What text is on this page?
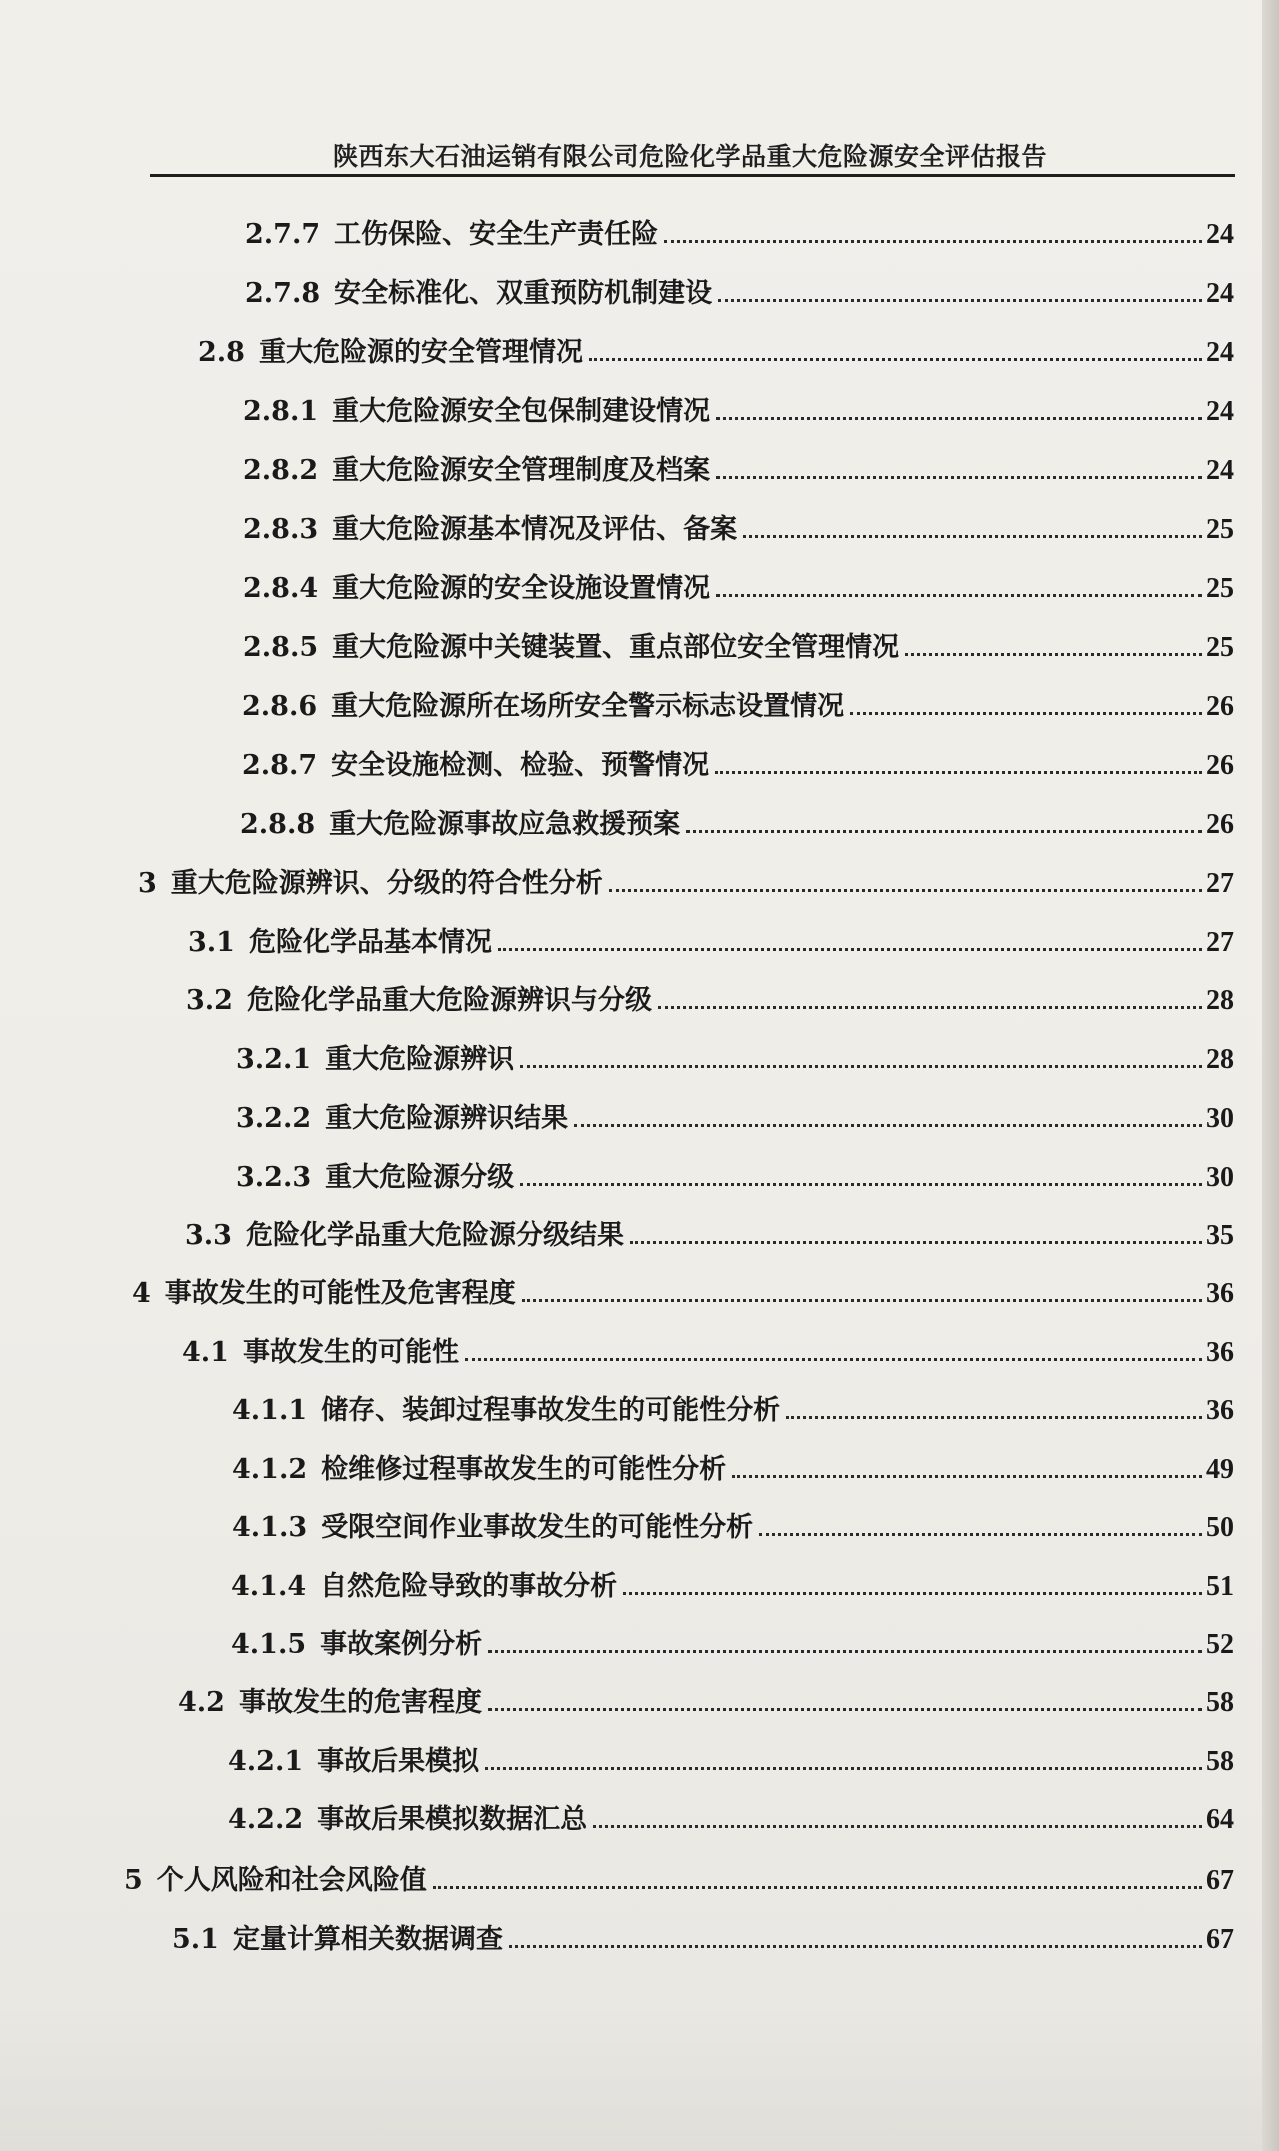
陕西东大石油运销有限公司危险化学品重大危险源安全评估报告
2.7.7 工伤保险、安全生产责任险	24
2.7.8 安全标准化、双重预防机制建设	24
2.8 重大危险源的安全管理情况	24
2.8.1 重大危险源安全包保制建设情况	24
2.8.2 重大危险源安全管理制度及档案	24
2.8.3 重大危险源基本情况及评估、备案	25
2.8.4 重大危险源的安全设施设置情况	25
2.8.5 重大危险源中关键装置、重点部位安全管理情况	25
2.8.6 重大危险源所在场所安全警示标志设置情况	26
2.8.7 安全设施检测、检验、预警情况	26
2.8.8 重大危险源事故应急救援预案	26
3 重大危险源辨识、分级的符合性分析	27
3.1 危险化学品基本情况	27
3.2 危险化学品重大危险源辨识与分级	28
3.2.1 重大危险源辨识	28
3.2.2 重大危险源辨识结果	30
3.2.3 重大危险源分级	30
3.3 危险化学品重大危险源分级结果	35
4 事故发生的可能性及危害程度	36
4.1 事故发生的可能性	36
4.1.1 储存、装卸过程事故发生的可能性分析	36
4.1.2 检维修过程事故发生的可能性分析	49
4.1.3 受限空间作业事故发生的可能性分析	50
4.1.4 自然危险导致的事故分析	51
4.1.5 事故案例分析	52
4.2 事故发生的危害程度	58
4.2.1 事故后果模拟	58
4.2.2 事故后果模拟数据汇总	64
5 个人风险和社会风险值	67
5.1 定量计算相关数据调查	67
